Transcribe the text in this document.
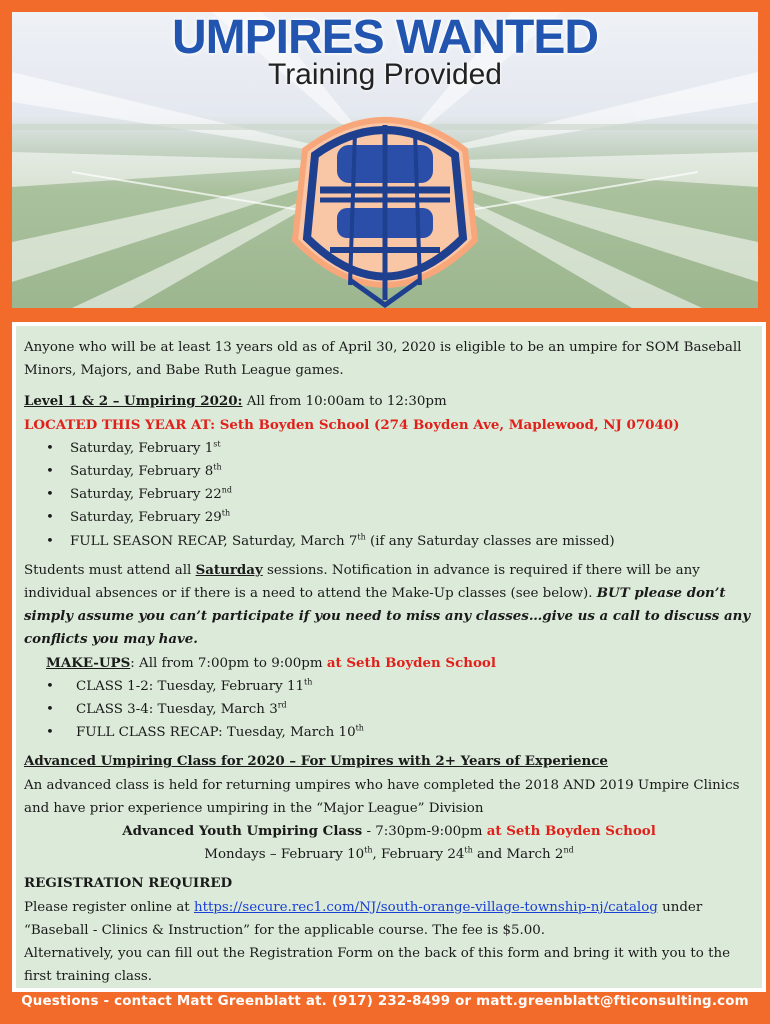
UMPIRES WANTED
Training Provided

Anyone who will be at least 13 years old as of April 30, 2020 is eligible to be an umpire for SOM Baseball Minors, Majors, and Babe Ruth League games.

Level 1 & 2 – Umpiring 2020: All from 10:00am to 12:30pm

LOCATED THIS YEAR AT: Seth Boyden School (274 Boyden Ave, Maplewood, NJ 07040)

• Saturday, February 1st
• Saturday, February 8th
• Saturday, February 22nd
• Saturday, February 29th
• FULL SEASON RECAP, Saturday, March 7th (if any Saturday classes are missed)

Students must attend all Saturday sessions. Notification in advance is required if there will be any individual absences or if there is a need to attend the Make-Up classes (see below). BUT please don’t simply assume you can’t participate if you need to miss any classes…give us a call to discuss any conflicts you may have.

MAKE-UPS: All from 7:00pm to 9:00pm at Seth Boyden School

• CLASS 1-2: Tuesday, February 11th
• CLASS 3-4: Tuesday, March 3rd
• FULL CLASS RECAP: Tuesday, March 10th

Advanced Umpiring Class for 2020 – For Umpires with 2+ Years of Experience

An advanced class is held for returning umpires who have completed the 2018 AND 2019 Umpire Clinics and have prior experience umpiring in the “Major League” Division

Advanced Youth Umpiring Class - 7:30pm-9:00pm at Seth Boyden School

Mondays – February 10th, February 24th and March 2nd

REGISTRATION REQUIRED

Please register online at https://secure.rec1.com/NJ/south-orange-village-township-nj/catalog under “Baseball - Clinics & Instruction” for the applicable course. The fee is $5.00.

Alternatively, you can fill out the Registration Form on the back of this form and bring it with you to the first training class.

Questions - contact Matt Greenblatt at. (917) 232-8499 or matt.greenblatt@fticonsulting.com
